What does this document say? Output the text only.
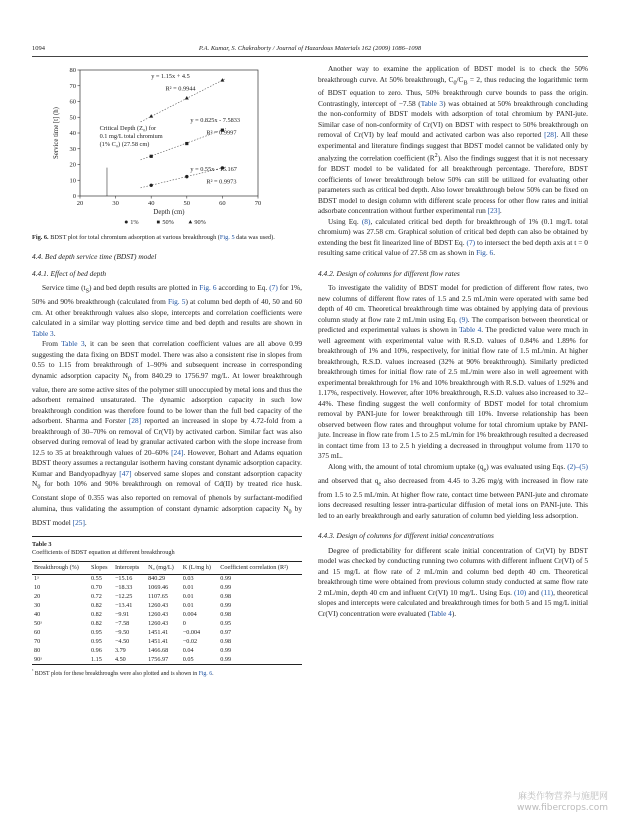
1094	P.A. Kumar, S. Chakraborty / Journal of Hazardous Materials 162 (2009) 1086–1098
20	30	40	50	60	70
0
10
20
30
40
50
60
70
80
Depth (cm)
Service time [t] (h)	Critical Depth (Z₀) for
0.1 mg/L total chromium
(1% C₀) (27.58 cm)
y = 0.55x - 15.167
R² = 0.9973
y = 0.825x - 7.5833
R² = 0.9997
y = 1.15x + 4.5
R² = 0.9944
1%	50%	90%
Fig. 6. BDST plot for total chromium adsorption at various breakthrough (Fig. 5 data was used).
4.4. Bed depth service time (BDST) model
4.4.1. Effect of bed depth

Service time $(t_S)$ and bed depth results are plotted in Fig. 6 according to Eq. (7) for 1%, 50% and 90% breakthrough (calculated from Fig. 5) at column bed depth of 40, 50 and 60 cm. At other breakthrough values also slope, intercepts and correlation coefficients were calculated in a similar way plotting service time and bed depth and results are shown in Table 3.

From Table 3, it can be seen that correlation coefficient values are all above 0.99 suggesting the data fixing on BDST model. There was also a consistent rise in slopes from 0.55 to 1.15 from breakthrough of 1–90% and subsequent increase in corresponding dynamic adsorption capacity $N_0$ from 840.29 to 1756.97 mg/L. At lower breakthrough value, there are some active sites of the polymer still unoccupied by metal ions and thus the adsorbent remained unsaturated. The dynamic adsorption capacity in such low breakthrough condition was therefore found to be lower than the full bed capacity of the adsorbent. Sharma and Forster [28] reported an increased in slope by 4.72-fold from a breakthrough of 30–70% on removal of Cr(VI) by activated carbon. Similar fact was also observed during removal of lead by granular activated carbon with the slope increase from 12.5 to 35 at breakthrough values of 20–60% [24]. However, Bohart and Adams equation BDST theory assumes a rectangular isotherm having constant dynamic adsorption capacity. Kumar and Bandyopadhyay [47] observed same slopes and constant adsorption capacity $N_0$ for both 10% and 90% breakthrough on removal of Cd(II) by treated rice husk. Constant slope of 0.355 was also reported on removal of phenols by surfactant-modified alumina, thus validating the assumption of constant dynamic adsorption capacity $N_0$ by BDST model [25].

Table 3
Coefficients of BDST equation at different breakthrough
Breakthrough (%)	Slopes	Intercepts	N₀ (mg/L)	K (L/mg h)	Coefficient correlation (R²)
1ᵃ	0.55	−15.16	840.29	0.03	0.99
10	0.70	−18.33	1069.46	0.01	0.99
20	0.72	−12.25	1107.65	0.01	0.98
30	0.82	−13.41	1260.43	0.01	0.99
40	0.82	−9.91	1260.43	0.004	0.98
50ᵃ	0.82	−7.58	1260.43	0	0.95
60	0.95	−9.50	1451.41	−0.004	0.97
70	0.95	−4.50	1451.41	−0.02	0.98
80	0.96	3.79	1466.68	0.04	0.99
90ᵃ	1.15	4.50	1756.97	0.05	0.99
$^ᵃ$ BDST plots for these breakthroughs were also plotted and is shown in Fig. 6.

Another way to examine the application of BDST model is to check the 50% breakthrough curve. At 50% breakthrough, $C_0/C_B = 2$, thus reducing the logarithmic term of BDST equation to zero. Thus, 50% breakthrough curve bounds to pass the origin. Contrastingly, intercept of −7.58 (Table 3) was obtained at 50% breakthrough concluding the non-conformity of BDST models with adsorption of total chromium by PANI-jute. Similar case of non-conformity of Cr(VI) on BDST with respect to 50% breakthrough on removal of Cr(VI) by leaf mould and activated carbon was also reported [28]. All these experimental and literature findings suggest that BDST model cannot be validated only by analyzing the correlation coefficient $(R^2)$. Also the findings suggest that it is not necessary for BDST model to be validated for all breakthrough percentage. Therefore, BDST coefficients of lower breakthrough below 50% can still be utilized for evaluating other parameters such as critical bed depth. Also lower breakthrough below 50% can be fixed on BDST model to design column with different scale process for other flow rates and initial adsorbate concentration without further experimental run [23].

Using Eq. (8), calculated critical bed depth for breakthrough of 1% (0.1 mg/L total chromium) was 27.58 cm. Graphical solution of critical bed depth can also be obtained by extending the best fit linearized line of BDST Eq. (7) to intersect the bed depth axis at t = 0 resulting same critical value of 27.58 cm as shown in Fig. 6.

4.4.2. Design of columns for different flow rates

To investigate the validity of BDST model for prediction of different flow rates, two new columns of different flow rates of 1.5 and 2.5 mL/min were operated with same bed depth of 40 cm. Theoretical breakthrough time was obtained by applying data of previous column study at flow rate 2 mL/min using Eq. (9). The comparison between theoretical or predicted and experimental values is shown in Table 4. The predicted value were much in well agreement with experimental value with R.S.D. values of 0.84% and 1.89% for breakthrough of 1% and 10%, respectively, for initial flow rate of 1.5 mL/min. At higher breakthrough, R.S.D. values increased (32% at 90% breakthrough). Similarly predicted breakthrough times for initial flow rate of 2.5 mL/min were also in well agreement with experimental breakthrough for 1% and 10% breakthrough with R.S.D. values of 1.92% and 1.17%, respectively. However, after 10% breakthrough, R.S.D. values also increased to 32–44%. These finding suggest the well conformity of BDST model for total chromium removal by PANI-jute for lower breakthrough till 10%. Inverse relationship has been observed between flow rates and throughput volume for total chromium uptake by PANI-jute. Increase in flow rate from 1.5 to 2.5 mL/min for 1% breakthrough resulted a decreased in contact time from 13 to 2.5 h yielding a decreased in throughput volume from 1170 to 375 mL.

Along with, the amount of total chromium uptake $(q_e)$ was evaluated using Eqs. (2)–(5) and observed that $q_e$ also decreased from 4.45 to 3.26 mg/g with increased in flow rate from 1.5 to 2.5 mL/min. At higher flow rate, contact time between PANI-jute and chromate ions decreased resulting lesser intra-particular diffusion of metal ions on PANI-jute. This led to an early breakthrough and early saturation of column bed yielding less adsorption.

4.4.3. Design of columns for different initial concentrations

Degree of predictability for different scale initial concentration of Cr(VI) by BDST model was checked by conducting running two columns with different influent Cr(VI) of 5 and 15 mg/L at flow rate of 2 mL/min and column bed depth 40 cm. Theoretical breakthrough time were obtained from previous column study conducted at same flow rate 2 mL/min, depth 40 cm and influent Cr(VI) 10 mg/L. Using Eqs. (10) and (11), theoretical slopes and intercepts were calculated and breakthrough times for both 5 and 15 mg/L initial Cr(VI) concentration were evaluated (Table 4).

麻类作物营养与施肥网
www.fibercrops.com
